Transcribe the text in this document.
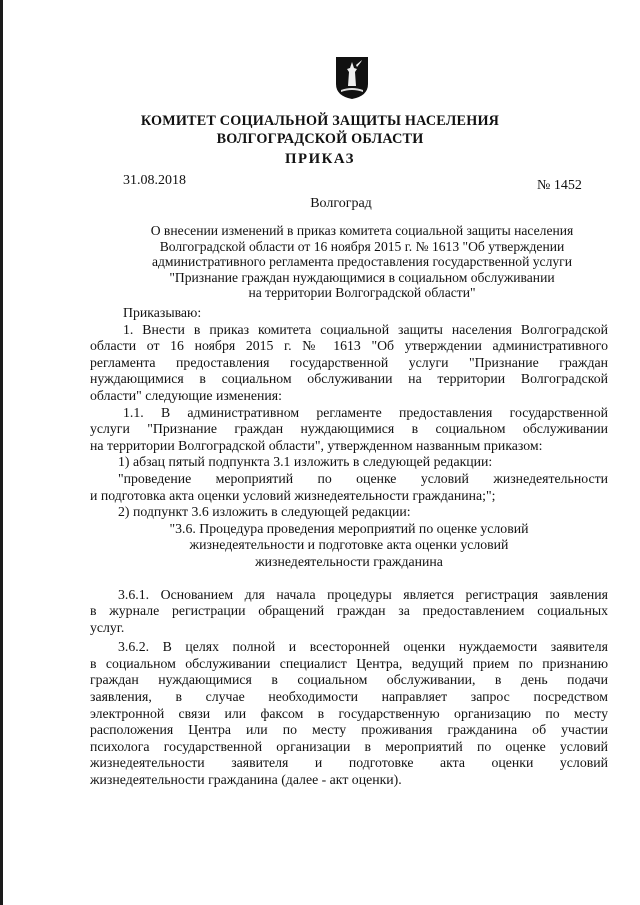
КОМИТЕТ СОЦИАЛЬНОЙ ЗАЩИТЫ НАСЕЛЕНИЯ
ВОЛГОГРАДСКОЙ ОБЛАСТИ
ПРИКАЗ
31.08.2018	№ 1452
Волгоград
О внесении изменений в приказ комитета социальной защиты населения
Волгоградской области от 16 ноября 2015 г. № 1613 "Об утверждении
административного регламента предоставления государственной услуги
"Признание граждан нуждающимися в социальном обслуживании
на территории Волгоградской области"
Приказываю:
1. Внести в приказ комитета социальной защиты населения Волгоградской
области от 16 ноября 2015 г. № 1613 "Об утверждении административного
регламента предоставления государственной услуги "Признание граждан
нуждающимися в социальном обслуживании на территории Волгоградской
области" следующие изменения:
1.1. В административном регламенте предоставления государственной
услуги "Признание граждан нуждающимися в социальном обслуживании
на территории Волгоградской области", утвержденном названным приказом:
1) абзац пятый подпункта 3.1 изложить в следующей редакции:
"проведение мероприятий по оценке условий жизнедеятельности
и подготовка акта оценки условий жизнедеятельности гражданина;";
2) подпункт 3.6 изложить в следующей редакции:
"3.6. Процедура проведения мероприятий по оценке условий
жизнедеятельности и подготовке акта оценки условий
жизнедеятельности гражданина
3.6.1. Основанием для начала процедуры является регистрация заявления
в журнале регистрации обращений граждан за предоставлением социальных
услуг.
3.6.2. В целях полной и всесторонней оценки нуждаемости заявителя
в социальном обслуживании специалист Центра, ведущий прием по признанию
граждан нуждающимися в социальном обслуживании, в день подачи
заявления, в случае необходимости направляет запрос посредством
электронной связи или факсом в государственную организацию по месту
расположения Центра или по месту проживания гражданина об участии
психолога государственной организации в мероприятий по оценке условий
жизнедеятельности заявителя и подготовке акта оценки условий
жизнедеятельности гражданина (далее - акт оценки).
